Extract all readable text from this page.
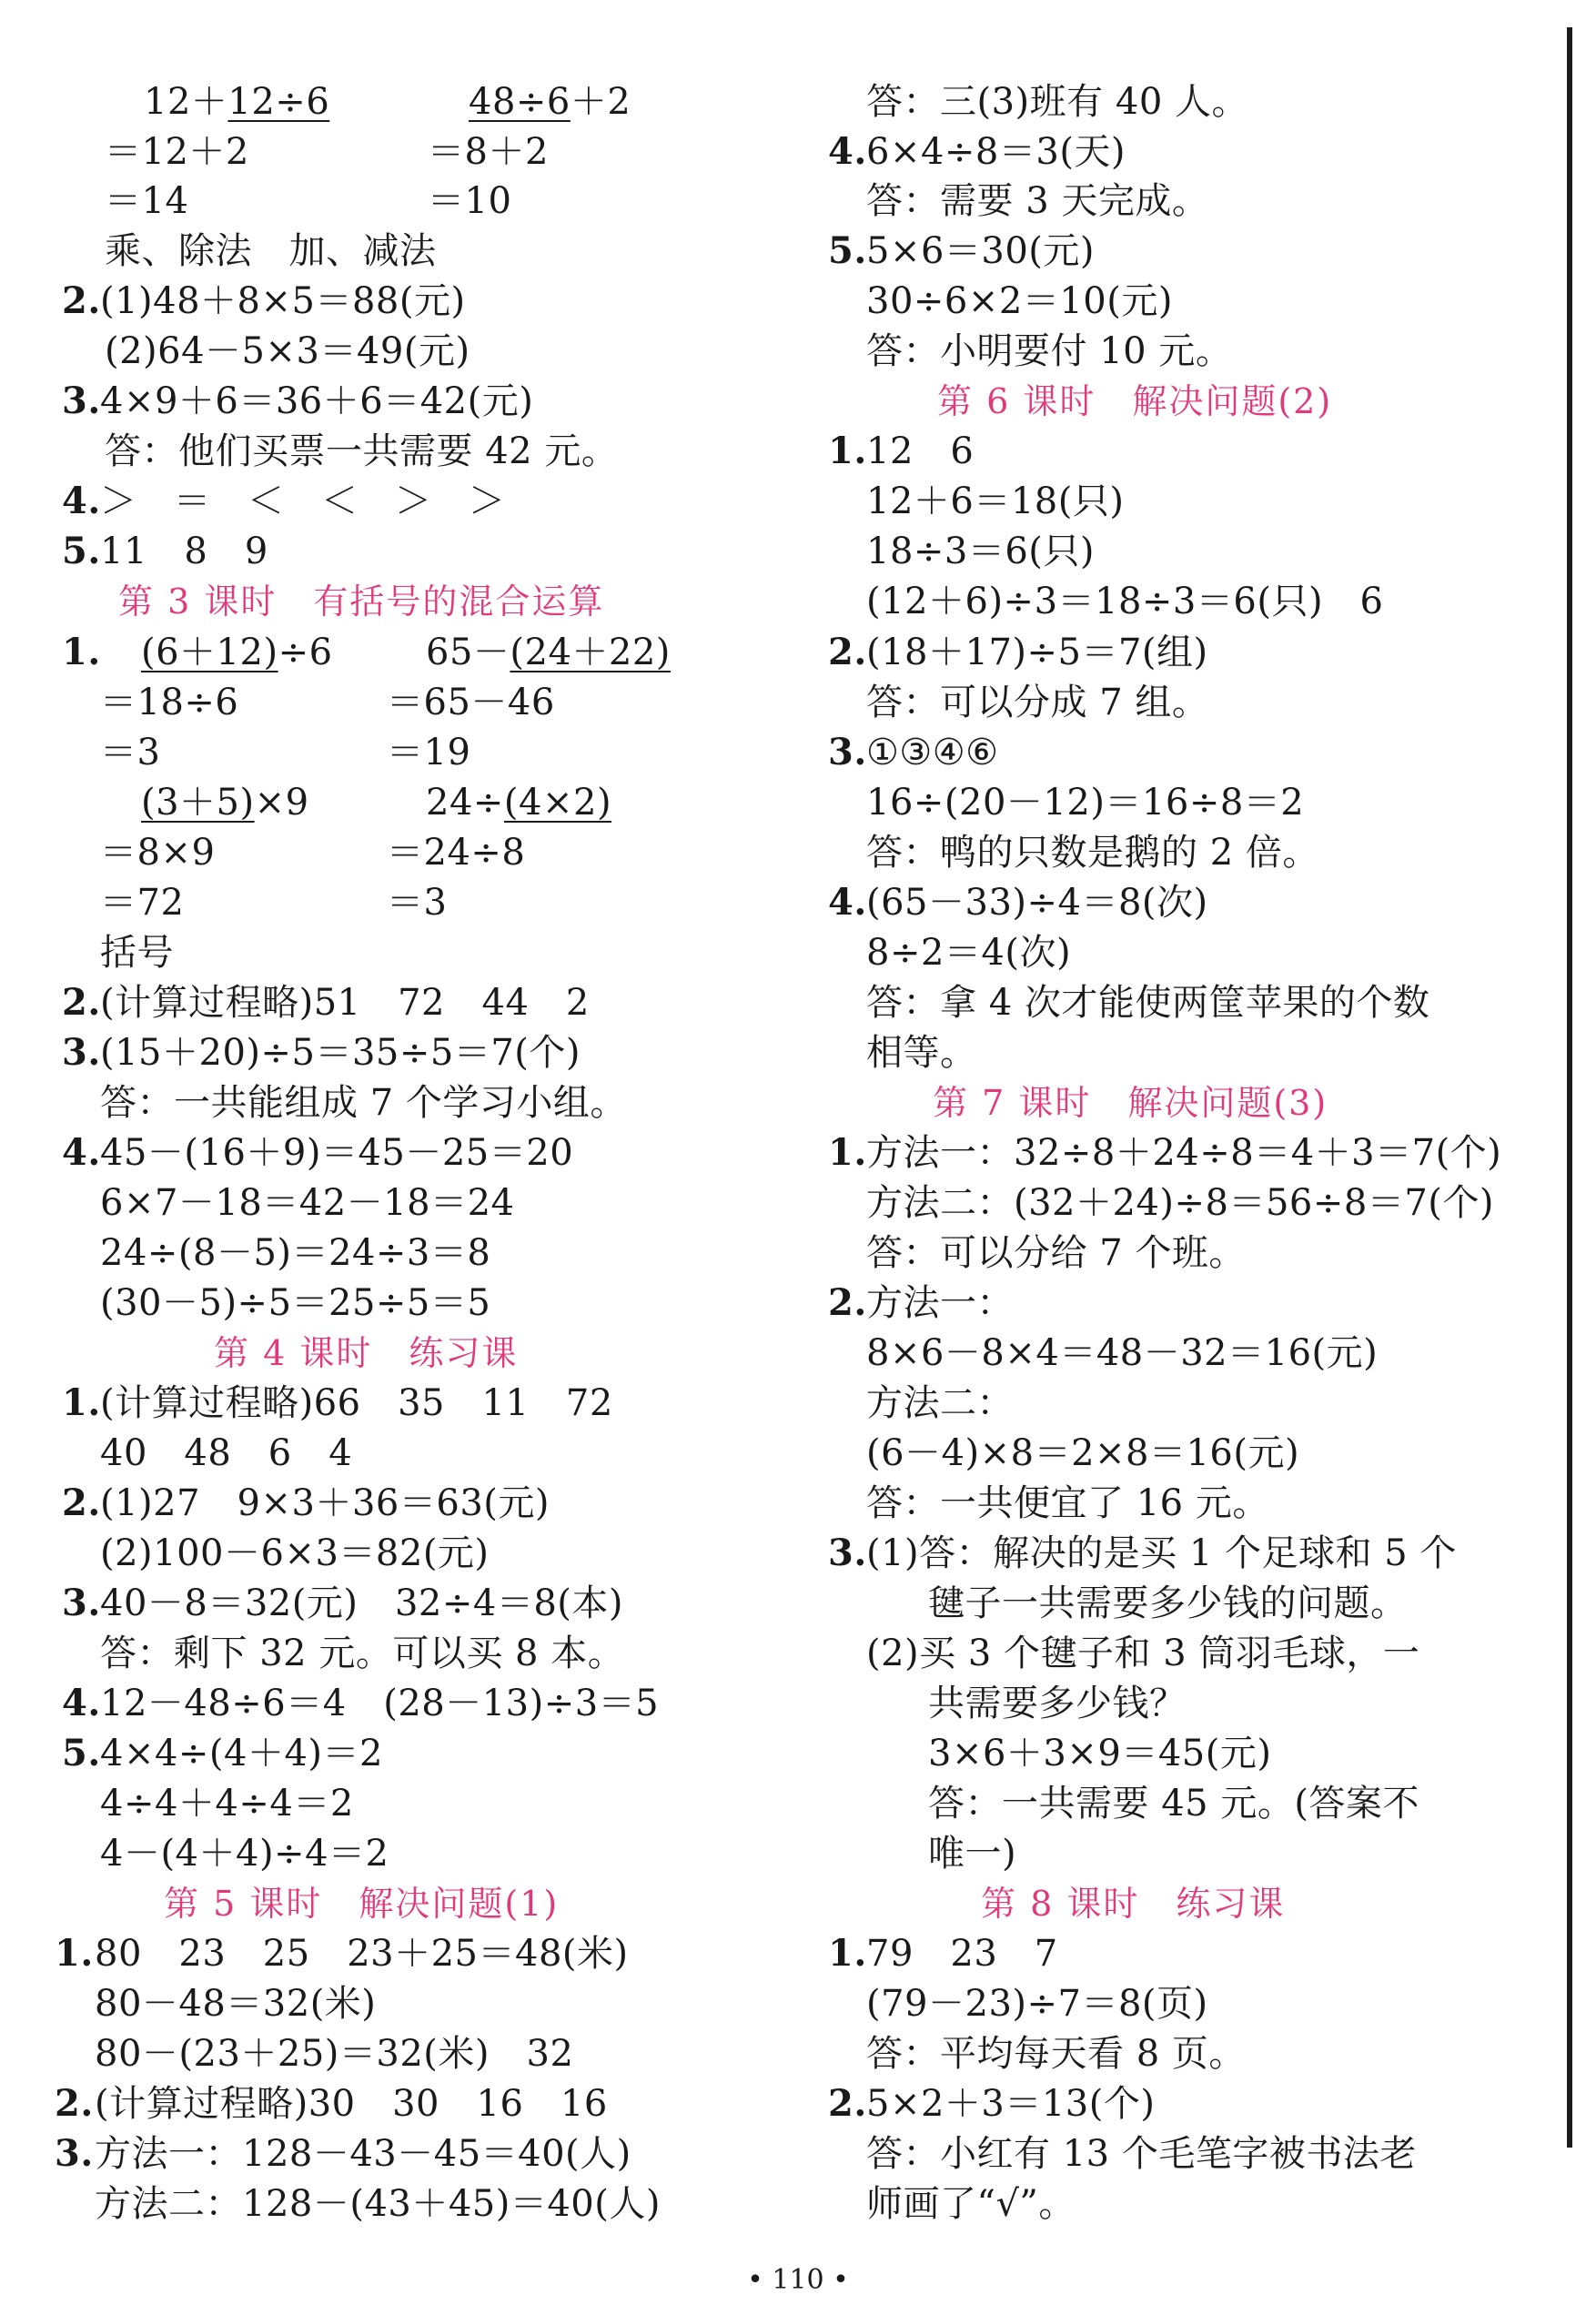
12＋12÷6	48÷6＋2
＝12＋2	＝8＋2
＝14	＝10
乘、除法　加、减法
2. (1)48＋8×5＝88(元)
(2)64－5×3＝49(元)
3. 4×9＋6＝36＋6＝42(元)
答：他们买票一共需要 42 元。
4. ＞　＝　＜　＜　＞　＞
5. 11　8　9
第 3 课时　有括号的混合运算
1. (6＋12)÷6	65－(24＋22)
＝18÷6	＝65－46
＝3	＝19
(3＋5)×9	24÷(4×2)
＝8×9	＝24÷8
＝72	＝3
括号
2. (计算过程略)51　72　44　2
3. (15＋20)÷5＝35÷5＝7(个)
答：一共能组成 7 个学习小组。
4. 45－(16＋9)＝45－25＝20
6×7－18＝42－18＝24
24÷(8－5)＝24÷3＝8
(30－5)÷5＝25÷5＝5
第 4 课时　练习课
1. (计算过程略)66　35　11　72
40　48　6　4
2. (1)27　9×3＋36＝63(元)
(2)100－6×3＝82(元)
3. 40－8＝32(元)　32÷4＝8(本)
答：剩下 32 元。可以买 8 本。
4. 12－48÷6＝4　(28－13)÷3＝5
5. 4×4÷(4＋4)＝2
4÷4＋4÷4＝2
4－(4＋4)÷4＝2
第 5 课时　解决问题(1)
1. 80　23　25　23＋25＝48(米)
80－48＝32(米)
80－(23＋25)＝32(米)　32
2. (计算过程略)30　30　16　16
3. 方法一：128－43－45＝40(人)
方法二：128－(43＋45)＝40(人)
答：三(3)班有 40 人。
4. 6×4÷8＝3(天)
答：需要 3 天完成。
5. 5×6＝30(元)
30÷6×2＝10(元)
答：小明要付 10 元。
第 6 课时　解决问题(2)
1. 12　6
12＋6＝18(只)
18÷3＝6(只)
(12＋6)÷3＝18÷3＝6(只)　6
2. (18＋17)÷5＝7(组)
答：可以分成 7 组。
3. ①③④⑥
16÷(20－12)＝16÷8＝2
答：鸭的只数是鹅的 2 倍。
4. (65－33)÷4＝8(次)
8÷2＝4(次)
答：拿 4 次才能使两筐苹果的个数
相等。
第 7 课时　解决问题(3)
1. 方法一：32÷8＋24÷8＝4＋3＝7(个)
方法二：(32＋24)÷8＝56÷8＝7(个)
答：可以分给 7 个班。
2. 方法一：
8×6－8×4＝48－32＝16(元)
方法二：
(6－4)×8＝2×8＝16(元)
答：一共便宜了 16 元。
3. (1)答：解决的是买 1 个足球和 5 个
毽子一共需要多少钱的问题。
(2)买 3 个毽子和 3 筒羽毛球，一
共需要多少钱？
3×6＋3×9＝45(元)
答：一共需要 45 元。(答案不
唯一)
第 8 课时　练习课
1. 79　23　7
(79－23)÷7＝8(页)
答：平均每天看 8 页。
2. 5×2＋3＝13(个)
答：小红有 13 个毛笔字被书法老
师画了“√”。
• 110 •
